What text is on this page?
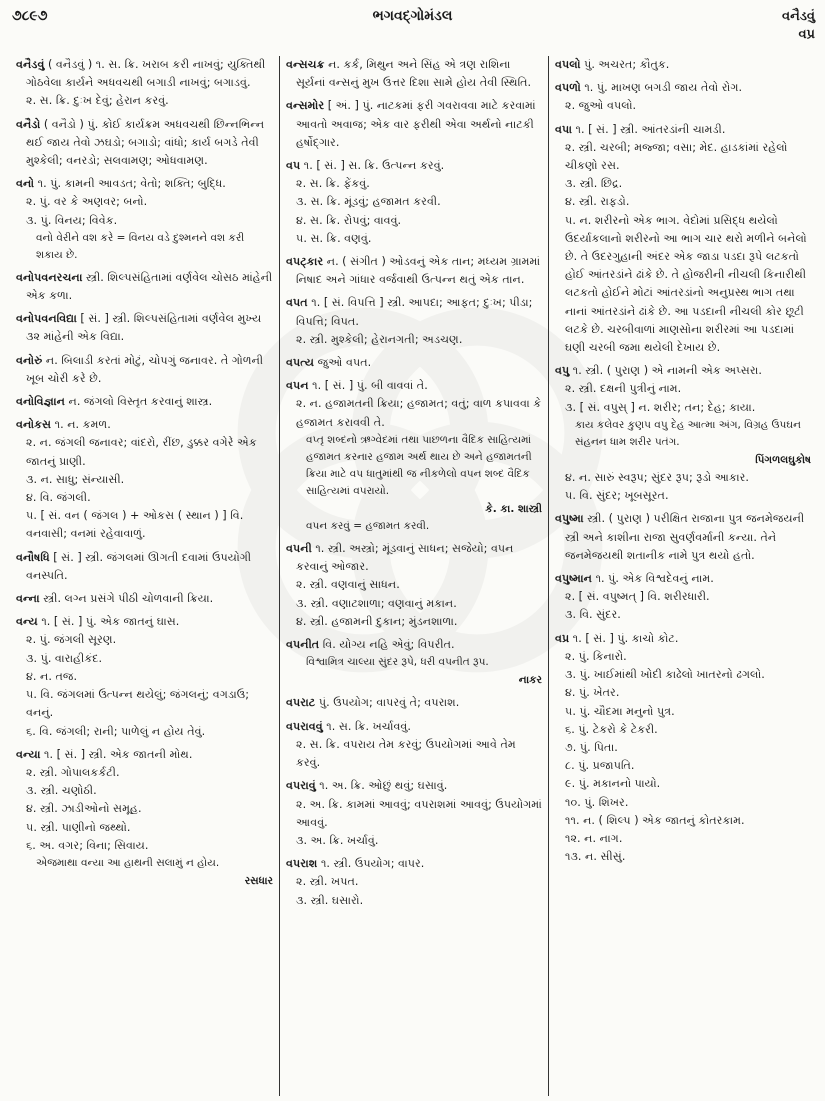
૭૮૯૭	ભગવદ્ગોમંડલ	વનૈડવું
વપ્ર
વનૈડવું ( વનૈડવું ) ૧. સ. ક્રિ. ખરાબ કરી નાખવું; યુક્તિથી ગોઠવેલા કાર્યને અધવચથી બગાડી નાખવું; બગાડવું.
૨. સ. ક્રિ. દુઃખ દેવું; હેરાન કરવું.
વનૈડો ( વનૈડો ) પું. કોઈ કાર્યક્રમ અધવચથી છિન્નભિન્ન થઈ જાય તેવો ઝઘડો; બગાડો; વાંધો; કાર્ય બગડે તેવી મુશ્કેલી; વનરડો; સલવામણ; ઓધવામણ.
વનો ૧. પું. કામની આવડત; વેતો; શક્તિ; બુદ્ધિ.
૨. પું. વર કે અણવર; બનો.
૩. પું. વિનય; વિવેક.
વનો વેરીને વશ કરે = વિનય વડે દુશ્મનને વશ કરી શકાય છે.
વનોપવનરચના સ્ત્રી. શિલ્પસંહિતામાં વર્ણવેલ ચોસઠ માંહેની એક કળા.
વનોપવનવિદ્યા [ સં. ] સ્ત્રી. શિલ્પસંહિતામાં વર્ણવેલ મુખ્ય ૩૨ માંહેની એક વિદ્યા.
વનોરું ન. બિલાડી કરતાં મોટું, ચોપગું જનાવર. તે ગોળની ખૂબ ચોરી કરે છે.
વનોવિજ્ઞાન ન. જંગલો વિસ્તૃત કરવાનું શાસ્ત્ર.
વનોકસ ૧. ન. કમળ.
૨. ન. જંગલી જનાવર; વાંદરો, રીંછ, ડુક્કર વગેરે એક જાતનું પ્રાણી.
૩. ન. સાધુ; સંન્યાસી.
૪. વિ. જંગલી.
૫. [ સં. વન ( જંગલ ) + ઓકસ ( સ્થાન ) ] વિ. વનવાસી; વનમાં રહેવાવાળું.
વનૌષધિ [ સં. ] સ્ત્રી. જંગલમાં ઊગતી દવામાં ઉપયોગી વનસ્પતિ.
વન્ના સ્ત્રી. લગ્ન પ્રસંગે પીઠી ચોળવાની ક્રિયા.
વન્ય ૧. [ સં. ] પું. એક જાતનું ઘાસ.
૨. પું. જંગલી સૂરણ.
૩. પું. વારાહીકંદ.
૪. ન. તજ.
૫. વિ. જંગલમાં ઉત્પન્ન થયેલું; જંગલનું; વગડાઉ; વનનું.
૬. વિ. જંગલી; રાની; પાળેલું ન હોય તેવું.
વન્યા ૧. [ સં. ] સ્ત્રી. એક જાતની મોથ.
૨. સ્ત્રી. ગોપાલકર્કટી.
૩. સ્ત્રી. ચણોઠી.
૪. સ્ત્રી. ઝાડીઓનો સમૂહ.
૫. સ્ત્રી. પાણીનો જથ્થો.
૬. અ. વગર; વિના; સિવાય.
એજમાથા વન્યા આ હાથની સલામું ન હોય.
રસધાર
વન્સચક્ર ન. કર્ક, મિથુન અને સિંહ એ ત્રણ રાશિના સૂર્યનાં વન્સનું મુખ ઉત્તર દિશા સામે હોય તેવી સ્થિતિ.
વન્સમોર [ અં. ] પું. નાટકમાં ફરી ગવરાવવા માટે કરવામાં આવતો અવાજ; એક વાર ફરીથી એવા અર્થનો નાટકી હર્ષોદ્ગાર.
વપ ૧. [ સં. ] સ. ક્રિ. ઉત્પન્ન કરવું.
૨. સ. ક્રિ. ફેંકવું.
૩. સ. ક્રિ. મૂંડવું; હજામત કરવી.
૪. સ. ક્રિ. રોપવું; વાવવું.
૫. સ. ક્રિ. વણવું.
વપટ્કાર ન. ( સંગીત ) ઓડવનું એક તાન; મધ્યમ ગ્રામમાં નિષાદ અને ગાંધાર વર્જવાથી ઉત્પન્ન થતું એક તાન.
વપત ૧. [ સં. વિપત્તિ ] સ્ત્રી. આપદા; આફત; દુઃખ; પીડા; વિપત્તિ; વિપત.
૨. સ્ત્રી. મુશ્કેલી; હેરાનગતી; અડચણ.
વપત્ય જુઓ વપત.
વપન ૧. [ સં. ] પું. બી વાવવાં તે.
૨. ન. હજામતની ક્રિયા; હજામત; વતું; વાળ કપાવવા કે હજામત કરાવવી તે.
વપ્તૃ શબ્દનો ઋગ્વેદમાં તથા પાછળના વૈદિક સાહિત્યમાં હજામત કરનાર હજામ અર્થ થાય છે અને હજામતની ક્રિયા માટે વપ ધાતુમાંથી જ નીકળેલો વપન શબ્દ વૈદિક સાહિત્યમાં વપરાયો.
કે. કા. શાસ્ત્રી
વપન કરવું = હજામત કરવી.
વપની ૧. સ્ત્રી. અસ્ત્રો; મૂંડવાનું સાધન; સજેયો; વપન કરવાનું ઓજાર.
૨. સ્ત્રી. વણવાનું સાધન.
૩. સ્ત્રી. વણાટશાળા; વણવાનું મકાન.
૪. સ્ત્રી. હજામની દુકાન; મુંડનશાળા.
વપનીત વિ. યોગ્ય નહિ એવું; વિપરીત.
વિશ્વામિત્ર ચાલ્યા સુંદર રૂપે, ધરી વપનીત રૂપ.
નાકર
વપરાટ પું. ઉપયોગ; વાપરવું તે; વપરાશ.
વપરાવવું ૧. સ. ક્રિ. ખર્ચાવવું.
૨. સ. ક્રિ. વપરાય તેમ કરવું; ઉપયોગમાં આવે તેમ કરવું.
વપરાવું ૧. અ. ક્રિ. ઓછું થવું; ઘસાવું.
૨. અ. ક્રિ. કામમાં આવવું; વપરાશમાં આવવું; ઉપયોગમાં આવવું.
૩. અ. ક્રિ. ખર્ચાવું.
વપરાશ ૧. સ્ત્રી. ઉપયોગ; વાપર.
૨. સ્ત્રી. ખપત.
૩. સ્ત્રી. ઘસારો.
વપલો પું. અચરત; કૌતુક.
વપળો ૧. પું. માખણ બગડી જાય તેવો રોગ.
૨. જુઓ વપલો.
વપા ૧. [ સં. ] સ્ત્રી. આંતરડાંની ચામડી.
૨. સ્ત્રી. ચરબી; મજ્જા; વસા; મેદ. હાડકાંમાં રહેલો ચીકણો રસ.
૩. સ્ત્રી. છિદ્ર.
૪. સ્ત્રી. રાફડો.
૫. ન. શરીરનો એક ભાગ. વેદોમાં પ્રસિદ્ધ થયેલો ઉદર્યાકલાનો શરીરનો આ ભાગ ચાર થરો મળીને બનેલો છે. તે ઉદરગુહાની અંદર એક જાડા પડદા રૂપે લટકતો હોઈ આંતરડાંને ઢાંકે છે. તે હોજરીની નીચલી કિનારીથી લટકતો હોઈને મોટાં આંતરડાંનો અનુપ્રસ્થ ભાગ તથા નાનાં આંતરડાંને ઢાંકે છે. આ પડદાની નીચલી કોર છૂટી લટકે છે. ચરબીવાળાં માણસોના શરીરમાં આ પડદામાં ઘણી ચરબી જમા થયેલી દેખાય છે.
વપુ ૧. સ્ત્રી. ( પુરાણ ) એ નામની એક અપ્સરા.
૨. સ્ત્રી. દક્ષની પુત્રીનું નામ.
૩. [ સં. વપુસ્ ] ન. શરીર; તન; દેહ; કાયા.
કાય કલેવર કુણપ વપુ દેહ આત્મા અંગ, વિગ્રહ ઉપઘન સંહનન ધામ શરીર પતંગ.
પિંગળલઘુકોષ
૪. ન. સારું સ્વરૂપ; સુંદર રૂપ; રૂડો આકાર.
૫. વિ. સુંદર; ખૂબસૂરત.
વપુષ્મા સ્ત્રી. ( પુરાણ ) પરીક્ષિત રાજાના પુત્ર જનમેજયની સ્ત્રી અને કાશીના રાજા સુવર્ણવર્માની કન્યા. તેને જનમેજયથી શતાનીક નામે પુત્ર થયો હતો.
વપુષ્માન ૧. પું. એક વિશ્વદેવનું નામ.
૨. [ સં. વપુષ્મત્ ] વિ. શરીરધારી.
૩. વિ. સુંદર.
વપ્ર ૧. [ સં. ] પું. કાચો કોટ.
૨. પું. કિનારો.
૩. પું. ખાઈમાંથી ખોદી કાઢેલો ખાતરનો ઢગલો.
૪. પું. ખેતર.
૫. પું. ચૌદમા મનુનો પુત્ર.
૬. પું. ટેકરો કે ટેકરી.
૭. પું. પિતા.
૮. પું. પ્રજાપતિ.
૯. પું. મકાનનો પાયો.
૧૦. પું. શિખર.
૧૧. ન. ( શિલ્પ ) એક જાતનું કોતરકામ.
૧૨. ન. નાગ.
૧૩. ન. સીસું.
